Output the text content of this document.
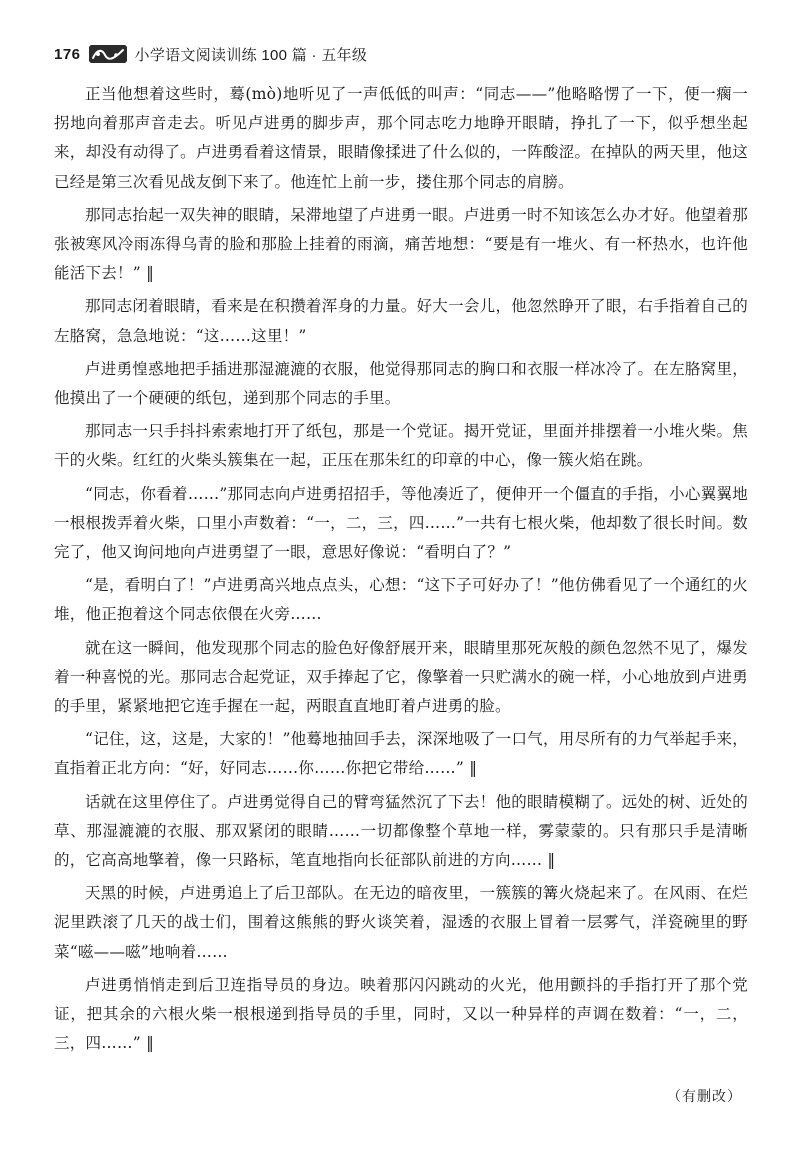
176	小学语文阅读训练 100 篇 · 五年级

正当他想着这些时，蓦(mò)地听见了一声低低的叫声：“同志——”他略略愣了一下，便一瘸一拐地向着那声音走去。听见卢进勇的脚步声，那个同志吃力地睁开眼睛，挣扎了一下，似乎想坐起来，却没有动得了。卢进勇看着这情景，眼睛像揉进了什么似的，一阵酸涩。在掉队的两天里，他这已经是第三次看见战友倒下来了。他连忙上前一步，搂住那个同志的肩膀。

那同志抬起一双失神的眼睛，呆滞地望了卢进勇一眼。卢进勇一时不知该怎么办才好。他望着那张被寒风冷雨冻得乌青的脸和那脸上挂着的雨滴，痛苦地想：“要是有一堆火、有一杯热水，也许他能活下去！” ‖

那同志闭着眼睛，看来是在积攒着浑身的力量。好大一会儿，他忽然睁开了眼，右手指着自己的左胳窝，急急地说：“这……这里！”

卢进勇惶惑地把手插进那湿漉漉的衣服，他觉得那同志的胸口和衣服一样冰冷了。在左胳窝里，他摸出了一个硬硬的纸包，递到那个同志的手里。

那同志一只手抖抖索索地打开了纸包，那是一个党证。揭开党证，里面并排摆着一小堆火柴。焦干的火柴。红红的火柴头簇集在一起，正压在那朱红的印章的中心，像一簇火焰在跳。

“同志，你看着……”那同志向卢进勇招招手，等他凑近了，便伸开一个僵直的手指，小心翼翼地一根根拨弄着火柴，口里小声数着：“一，二，三，四……”一共有七根火柴，他却数了很长时间。数完了，他又询问地向卢进勇望了一眼，意思好像说：“看明白了？”

“是，看明白了！”卢进勇高兴地点点头，心想：“这下子可好办了！”他仿佛看见了一个通红的火堆，他正抱着这个同志依偎在火旁……

就在这一瞬间，他发现那个同志的脸色好像舒展开来，眼睛里那死灰般的颜色忽然不见了，爆发着一种喜悦的光。那同志合起党证，双手捧起了它，像擎着一只贮满水的碗一样，小心地放到卢进勇的手里，紧紧地把它连手握在一起，两眼直直地盯着卢进勇的脸。

“记住，这，这是，大家的！”他蓦地抽回手去，深深地吸了一口气，用尽所有的力气举起手来，直指着正北方向：“好，好同志……你……你把它带给……” ‖

话就在这里停住了。卢进勇觉得自己的臂弯猛然沉了下去！他的眼睛模糊了。远处的树、近处的草、那湿漉漉的衣服、那双紧闭的眼睛……一切都像整个草地一样，雾蒙蒙的。只有那只手是清晰的，它高高地擎着，像一只路标，笔直地指向长征部队前进的方向…… ‖

天黑的时候，卢进勇追上了后卫部队。在无边的暗夜里，一簇簇的篝火烧起来了。在风雨、在烂泥里跌滚了几天的战士们，围着这熊熊的野火谈笑着，湿透的衣服上冒着一层雾气，洋瓷碗里的野菜“嗞——嗞”地响着……

卢进勇悄悄走到后卫连指导员的身边。映着那闪闪跳动的火光，他用颤抖的手指打开了那个党证，把其余的六根火柴一根根递到指导员的手里，同时，又以一种异样的声调在数着：“一，二，三，四……” ‖

（有删改）
